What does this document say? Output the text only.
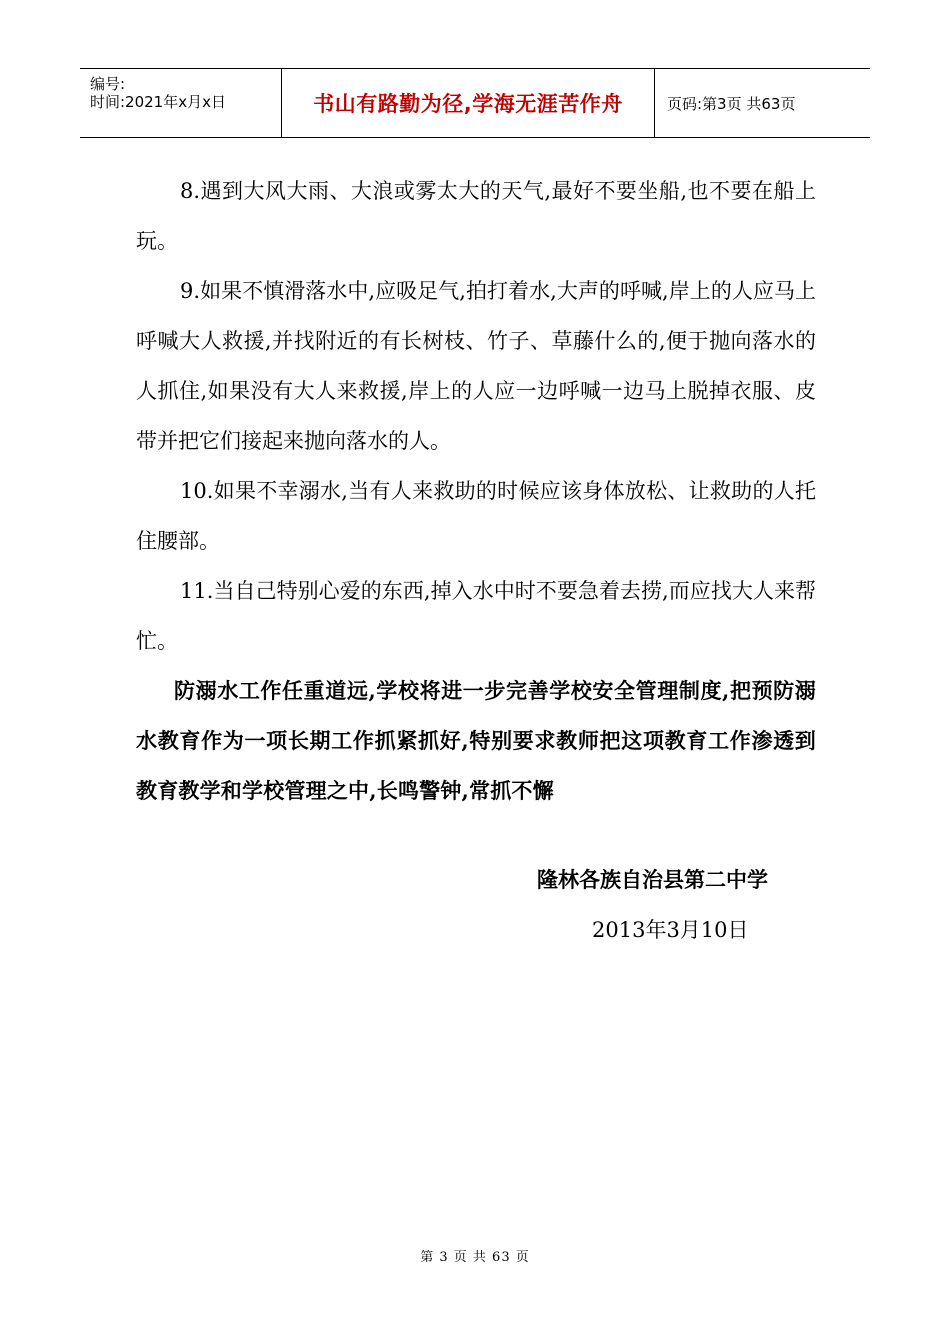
编号:
时间:2021年x月x日	书山有路勤为径,学海无涯苦作舟	页码:第3页 共63页

8.遇到大风大雨、大浪或雾太大的天气,最好不要坐船,也不要在船上玩。

9.如果不慎滑落水中,应吸足气,拍打着水,大声的呼喊,岸上的人应马上呼喊大人救援,并找附近的有长树枝、竹子、草藤什么的,便于抛向落水的人抓住,如果没有大人来救援,岸上的人应一边呼喊一边马上脱掉衣服、皮带并把它们接起来抛向落水的人。

10.如果不幸溺水,当有人来救助的时候应该身体放松、让救助的人托住腰部。

11.当自己特别心爱的东西,掉入水中时不要急着去捞,而应找大人来帮忙。

防溺水工作任重道远,学校将进一步完善学校安全管理制度,把预防溺水教育作为一项长期工作抓紧抓好,特别要求教师把这项教育工作渗透到教育教学和学校管理之中,长鸣警钟,常抓不懈

隆林各族自治县第二中学
2013年3月10日
第 3 页 共 63 页
